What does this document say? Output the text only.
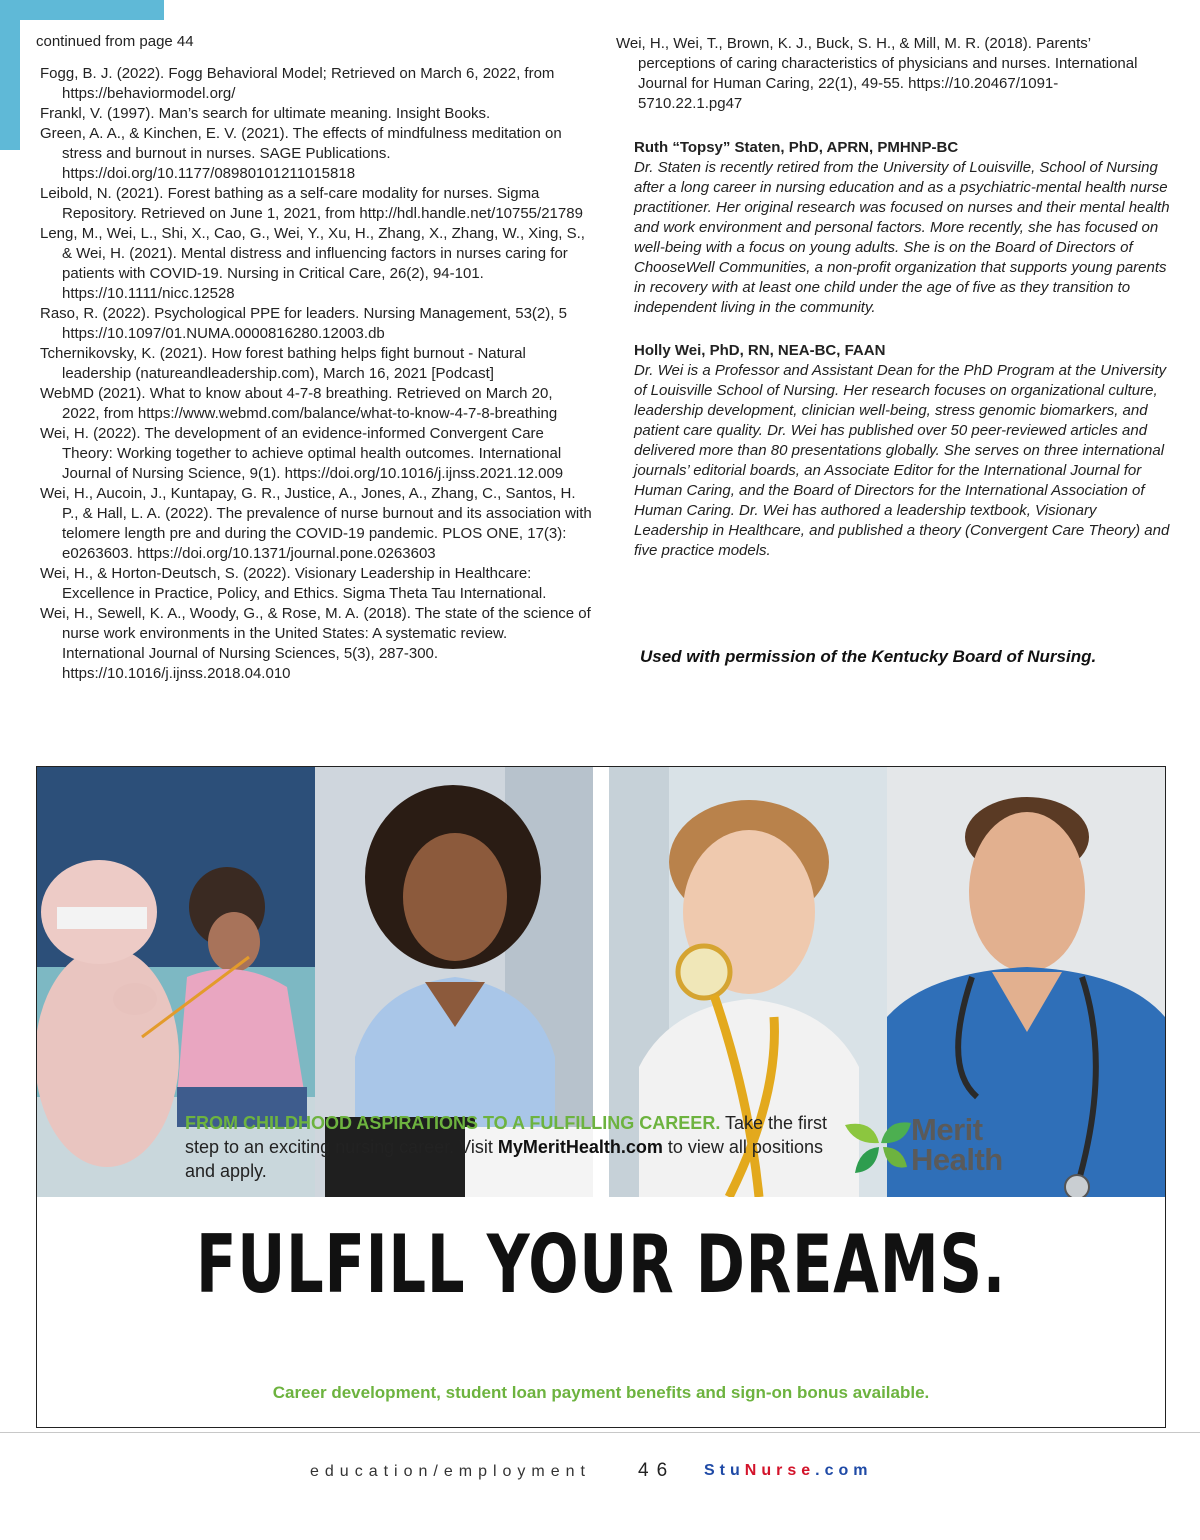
continued from page 44

Fogg, B. J. (2022). Fogg Behavioral Model; Retrieved on March 6, 2022, from https://behaviormodel.org/

Frankl, V. (1997). Man’s search for ultimate meaning. Insight Books.

Green, A. A., & Kinchen, E. V. (2021). The effects of mindfulness meditation on stress and burnout in nurses. SAGE Publications. https://doi.org/10.1177/08980101211015818

Leibold, N. (2021). Forest bathing as a self-care modality for nurses. Sigma Repository. Retrieved on June 1, 2021, from http://hdl.handle.net/10755/21789

Leng, M., Wei, L., Shi, X., Cao, G., Wei, Y., Xu, H., Zhang, X., Zhang, W., Xing, S., & Wei, H. (2021). Mental distress and influencing factors in nurses caring for patients with COVID-19. Nursing in Critical Care, 26(2), 94-101. https://10.1111/nicc.12528

Raso, R. (2022). Psychological PPE for leaders. Nursing Management, 53(2), 5 https://10.1097/01.NUMA.0000816280.12003.db

Tchernikovsky, K. (2021). How forest bathing helps fight burnout - Natural leadership (natureandleadership.com), March 16, 2021 [Podcast]

WebMD (2021). What to know about 4-7-8 breathing. Retrieved on March 20, 2022, from https://www.webmd.com/balance/what-to-know-4-7-8-breathing

Wei, H. (2022). The development of an evidence-informed Convergent Care Theory: Working together to achieve optimal health outcomes. International Journal of Nursing Science, 9(1). https://doi.org/10.1016/j.ijnss.2021.12.009

Wei, H., Aucoin, J., Kuntapay, G. R., Justice, A., Jones, A., Zhang, C., Santos, H. P., & Hall, L. A. (2022). The prevalence of nurse burnout and its association with telomere length pre and during the COVID-19 pandemic. PLOS ONE, 17(3): e0263603. https://doi.org/10.1371/journal.pone.0263603

Wei, H., & Horton-Deutsch, S. (2022). Visionary Leadership in Healthcare: Excellence in Practice, Policy, and Ethics. Sigma Theta Tau International.

Wei, H., Sewell, K. A., Woody, G., & Rose, M. A. (2018). The state of the science of nurse work environments in the United States: A systematic review. International Journal of Nursing Sciences, 5(3), 287-300. https://10.1016/j.ijnss.2018.04.010

Wei, H., Wei, T., Brown, K. J., Buck, S. H., & Mill, M. R. (2018). Parents’ perceptions of caring characteristics of physicians and nurses. International Journal for Human Caring, 22(1), 49-55. https://10.20467/1091-5710.22.1.pg47

Ruth “Topsy” Staten, PhD, APRN, PMHNP-BC

Dr. Staten is recently retired from the University of Louisville, School of Nursing after a long career in nursing education and as a psychiatric-mental health nurse practitioner. Her original research was focused on nurses and their mental health and work environment and personal factors. More recently, she has focused on well-being with a focus on young adults. She is on the Board of Directors of ChooseWell Communities, a non-profit organization that supports young parents in recovery with at least one child under the age of five as they transition to independent living in the community.

Holly Wei, PhD, RN, NEA-BC, FAAN

Dr. Wei is a Professor and Assistant Dean for the PhD Program at the University of Louisville School of Nursing. Her research focuses on organizational culture, leadership development, clinician well-being, stress genomic biomarkers, and patient care quality. Dr. Wei has published over 50 peer-reviewed articles and delivered more than 80 presentations globally. She serves on three international journals’ editorial boards, an Associate Editor for the International Journal for Human Caring, and the Board of Directors for the International Association of Human Caring. Dr. Wei has authored a leadership textbook, Visionary Leadership in Healthcare, and published a theory (Convergent Care Theory) and five practice models.

Used with permission of the Kentucky Board of Nursing.
FULFILL YOUR DREAMS.
FROM CHILDHOOD ASPIRATIONS TO A FULFILLING CAREER. Take the first step to an exciting nursing career. Visit MyMeritHealth.com to view all positions and apply.
Merit
Health
Career development, student loan payment benefits and sign-on bonus available.
education/employment 46 StuNurse.com
